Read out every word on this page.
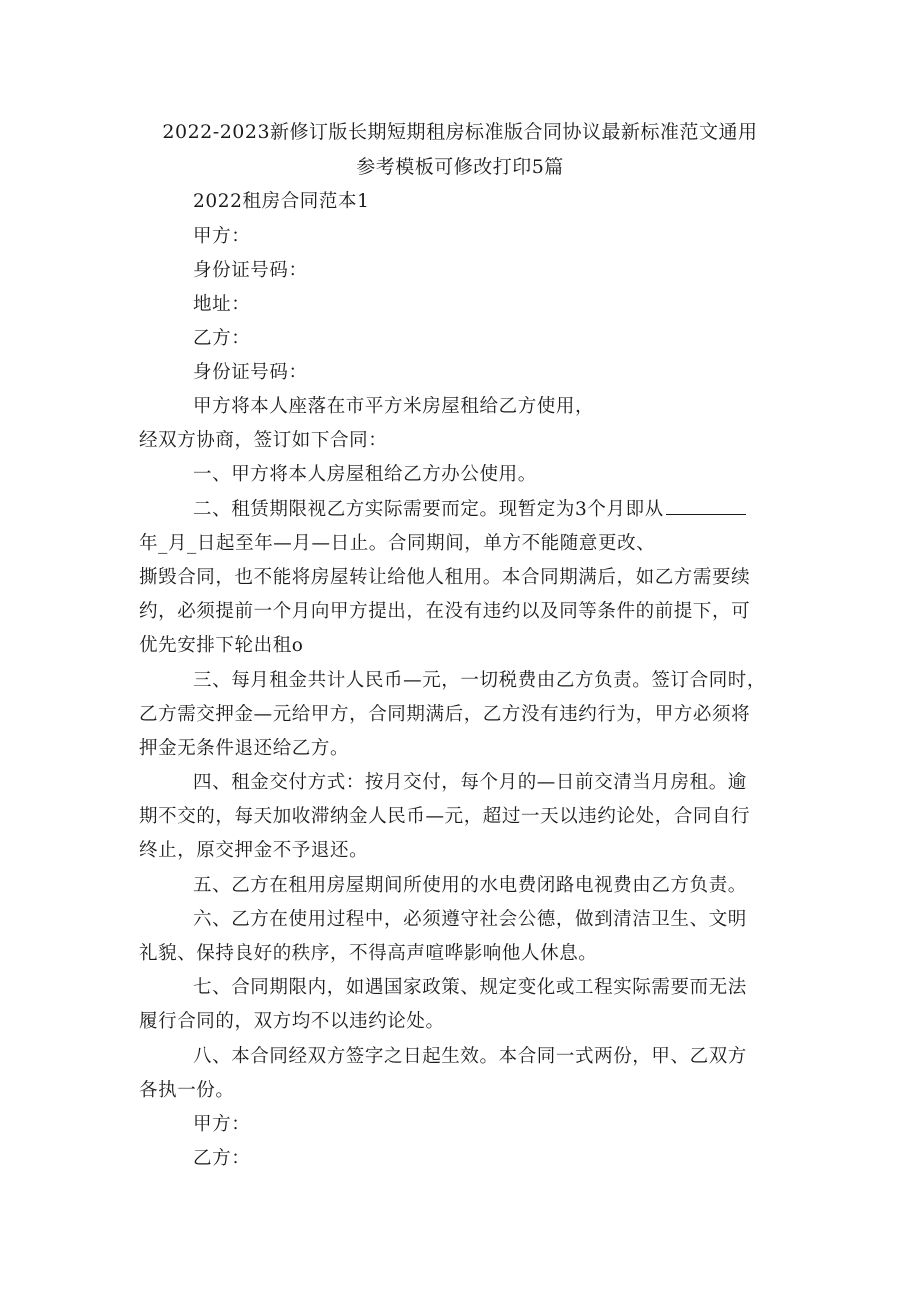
2022-2023新修订版长期短期租房标准版合同协议最新标准范文通用
参考模板可修改打印5篇
2022租房合同范本1
甲方：
身份证号码：
地址：
乙方：
身份证号码：
甲方将本人座落在市平方米房屋租给乙方使用，
经双方协商，签订如下合同：
一、甲方将本人房屋租给乙方办公使用。
二、租赁期限视乙方实际需要而定。现暂定为3个月即从
年_月_日起至年—月—日止。合同期间，单方不能随意更改、
撕毁合同，也不能将房屋转让给他人租用。本合同期满后，如乙方需要续
约，必须提前一个月向甲方提出，在没有违约以及同等条件的前提下，可
优先安排下轮出租o
三、每月租金共计人民币—元，一切税费由乙方负责。签订合同时，
乙方需交押金—元给甲方，合同期满后，乙方没有违约行为，甲方必须将
押金无条件退还给乙方。
四、租金交付方式：按月交付，每个月的—日前交清当月房租。逾
期不交的，每天加收滞纳金人民币—元，超过一天以违约论处，合同自行
终止，原交押金不予退还。
五、乙方在租用房屋期间所使用的水电费闭路电视费由乙方负责。
六、乙方在使用过程中，必须遵守社会公德，做到清洁卫生、文明
礼貌、保持良好的秩序，不得高声喧哗影响他人休息。
七、合同期限内，如遇国家政策、规定变化或工程实际需要而无法
履行合同的，双方均不以违约论处。
八、本合同经双方签字之日起生效。本合同一式两份，甲、乙双方
各执一份。
甲方：
乙方：
